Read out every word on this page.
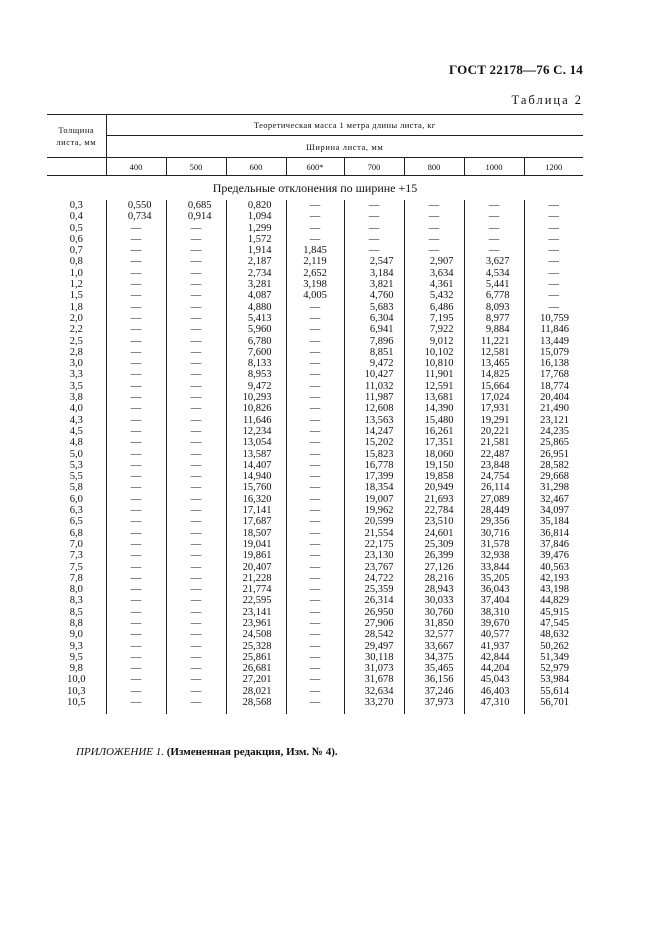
ГОСТ 22178—76 С. 14
Таблица 2
Толщина
листа, мм	Теоретическая масса 1 метра длины листа, кг							
	Ширина листа, мм							
	400	500	600	600*	700	800	1000	1200
Предельные отклонения по ширине +15								
0,3	0,550	0,685	0,820	—	—	—	—	—
0,4	0,734	0,914	1,094	—	—	—	—	—
0,5	—	—	1,299	—	—	—	—	—
0,6	—	—	1,572	—	—	—	—	—
0,7	—	—	1,914	1,845	—	—	—	—
0,8	—	—	2,187	2,119	2,547	2,907	3,627	—
1,0	—	—	2,734	2,652	3,184	3,634	4,534	—
1,2	—	—	3,281	3,198	3,821	4,361	5,441	—
1,5	—	—	4,087	4,005	4,760	5,432	6,778	—
1,8	—	—	4,880	—	5,683	6,486	8,093	—
2,0	—	—	5,413	—	6,304	7,195	8,977	10,759
2,2	—	—	5,960	—	6,941	7,922	9,884	11,846
2,5	—	—	6,780	—	7,896	9,012	11,221	13,449
2,8	—	—	7,600	—	8,851	10,102	12,581	15,079
3,0	—	—	8,133	—	9,472	10,810	13,465	16,138
3,3	—	—	8,953	—	10,427	11,901	14,825	17,768
3,5	—	—	9,472	—	11,032	12,591	15,664	18,774
3,8	—	—	10,293	—	11,987	13,681	17,024	20,404
4,0	—	—	10,826	—	12,608	14,390	17,931	21,490
4,3	—	—	11,646	—	13,563	15,480	19,291	23,121
4,5	—	—	12,234	—	14,247	16,261	20,221	24,235
4,8	—	—	13,054	—	15,202	17,351	21,581	25,865
5,0	—	—	13,587	—	15,823	18,060	22,487	26,951
5,3	—	—	14,407	—	16,778	19,150	23,848	28,582
5,5	—	—	14,940	—	17,399	19,858	24,754	29,668
5,8	—	—	15,760	—	18,354	20,949	26,114	31,298
6,0	—	—	16,320	—	19,007	21,693	27,089	32,467
6,3	—	—	17,141	—	19,962	22,784	28,449	34,097
6,5	—	—	17,687	—	20,599	23,510	29,356	35,184
6,8	—	—	18,507	—	21,554	24,601	30,716	36,814
7,0	—	—	19,041	—	22,175	25,309	31,578	37,846
7,3	—	—	19,861	—	23,130	26,399	32,938	39,476
7,5	—	—	20,407	—	23,767	27,126	33,844	40,563
7,8	—	—	21,228	—	24,722	28,216	35,205	42,193
8,0	—	—	21,774	—	25,359	28,943	36,043	43,198
8,3	—	—	22,595	—	26,314	30,033	37,404	44,829
8,5	—	—	23,141	—	26,950	30,760	38,310	45,915
8,8	—	—	23,961	—	27,906	31,850	39,670	47,545
9,0	—	—	24,508	—	28,542	32,577	40,577	48,632
9,3	—	—	25,328	—	29,497	33,667	41,937	50,262
9,5	—	—	25,861	—	30,118	34,375	42,844	51,349
9,8	—	—	26,681	—	31,073	35,465	44,204	52,979
10,0	—	—	27,201	—	31,678	36,156	45,043	53,984
10,3	—	—	28,021	—	32,634	37,246	46,403	55,614
10,5	—	—	28,568	—	33,270	37,973	47,310	56,701
ПРИЛОЖЕНИЕ 1. (Измененная редакция, Изм. № 4).
